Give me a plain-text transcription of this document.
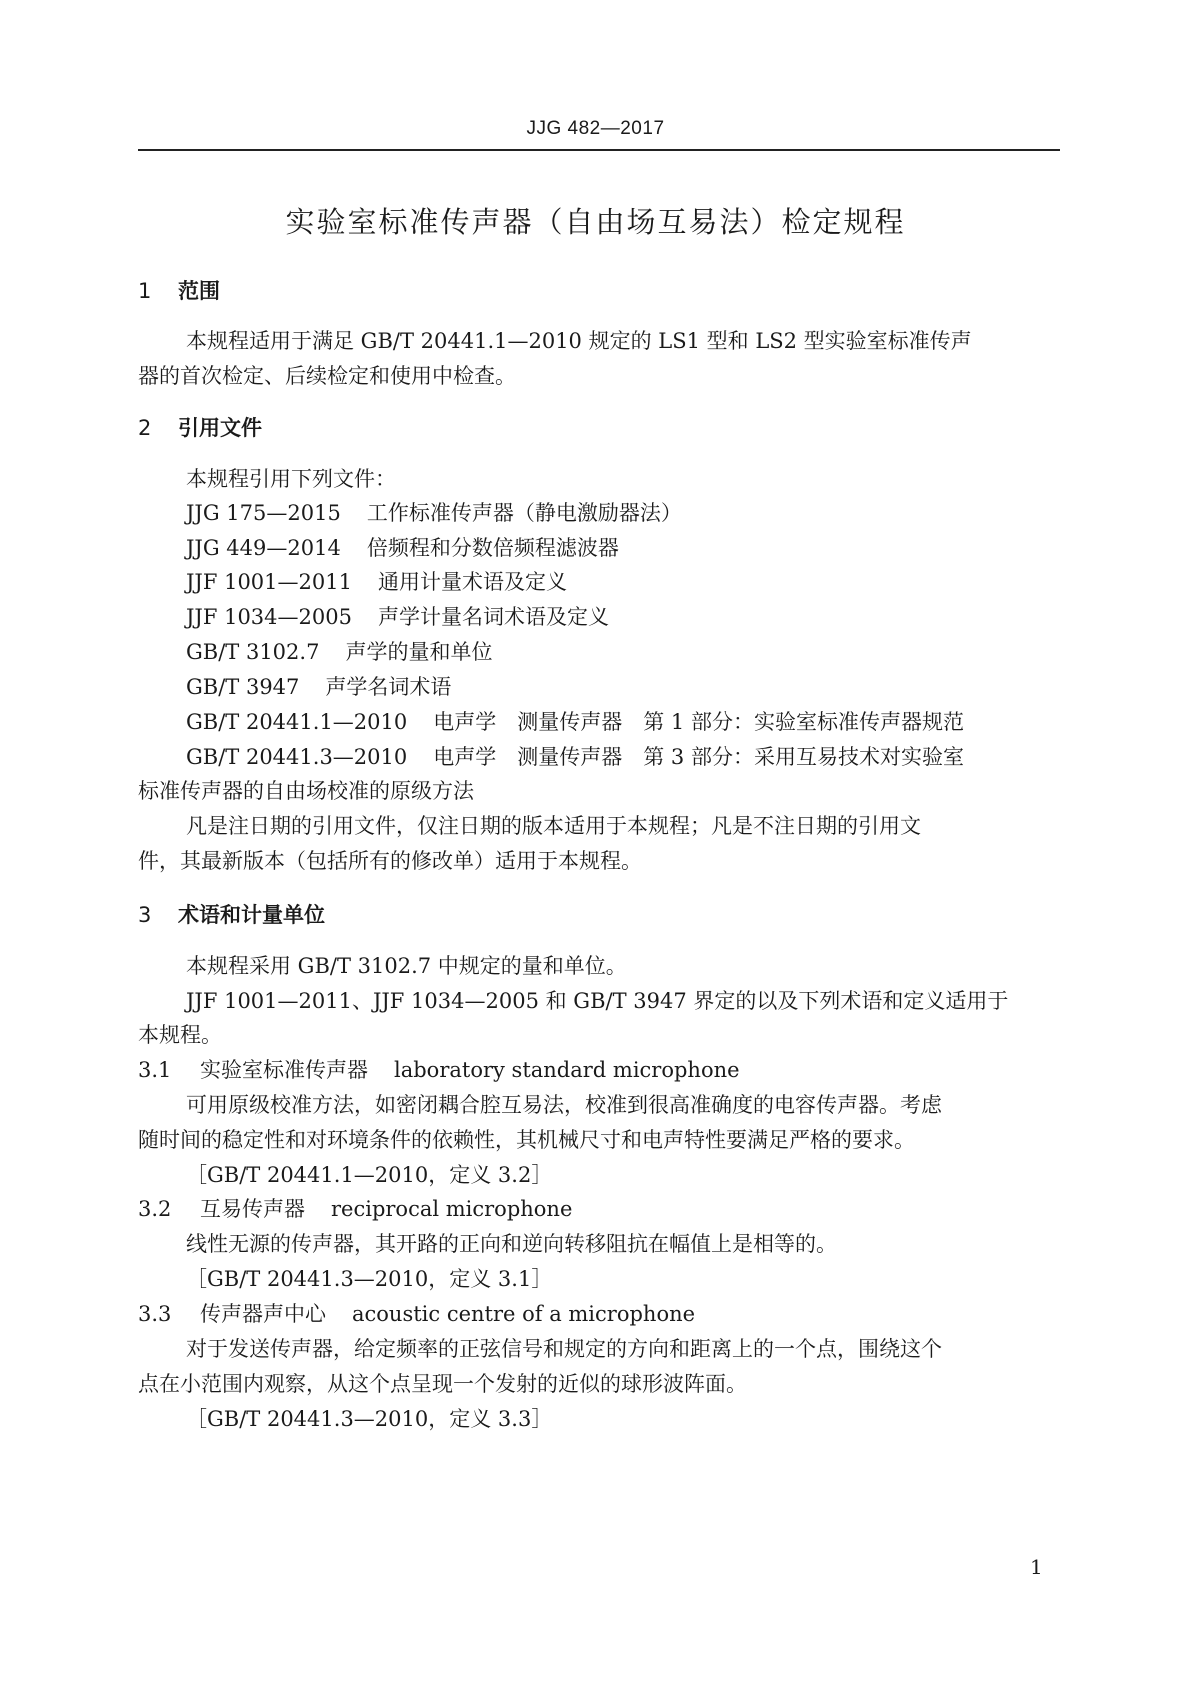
JJG 482—2017
实验室标准传声器（自由场互易法）检定规程
1 范围
本规程适用于满足 GB/T 20441.1—2010 规定的 LS1 型和 LS2 型实验室标准传声
器的首次检定、后续检定和使用中检查。
2 引用文件
本规程引用下列文件：
JJG 175—2015 工作标准传声器（静电激励器法）
JJG 449—2014 倍频程和分数倍频程滤波器
JJF 1001—2011 通用计量术语及定义
JJF 1034—2005 声学计量名词术语及定义
GB/T 3102.7 声学的量和单位
GB/T 3947 声学名词术语
GB/T 20441.1—2010 电声学　测量传声器　第 1 部分：实验室标准传声器规范
GB/T 20441.3—2010 电声学　测量传声器　第 3 部分：采用互易技术对实验室
标准传声器的自由场校准的原级方法
凡是注日期的引用文件，仅注日期的版本适用于本规程；凡是不注日期的引用文
件，其最新版本（包括所有的修改单）适用于本规程。
3 术语和计量单位
本规程采用 GB/T 3102.7 中规定的量和单位。
JJF 1001—2011、JJF 1034—2005 和 GB/T 3947 界定的以及下列术语和定义适用于
本规程。
3.1 实验室标准传声器 laboratory standard microphone
可用原级校准方法，如密闭耦合腔互易法，校准到很高准确度的电容传声器。考虑
随时间的稳定性和对环境条件的依赖性，其机械尺寸和电声特性要满足严格的要求。
［GB/T 20441.1—2010，定义 3.2］
3.2 互易传声器 reciprocal microphone
线性无源的传声器，其开路的正向和逆向转移阻抗在幅值上是相等的。
［GB/T 20441.3—2010，定义 3.1］
3.3 传声器声中心 acoustic centre of a microphone
对于发送传声器，给定频率的正弦信号和规定的方向和距离上的一个点，围绕这个
点在小范围内观察，从这个点呈现一个发射的近似的球形波阵面。
［GB/T 20441.3—2010，定义 3.3］
1
